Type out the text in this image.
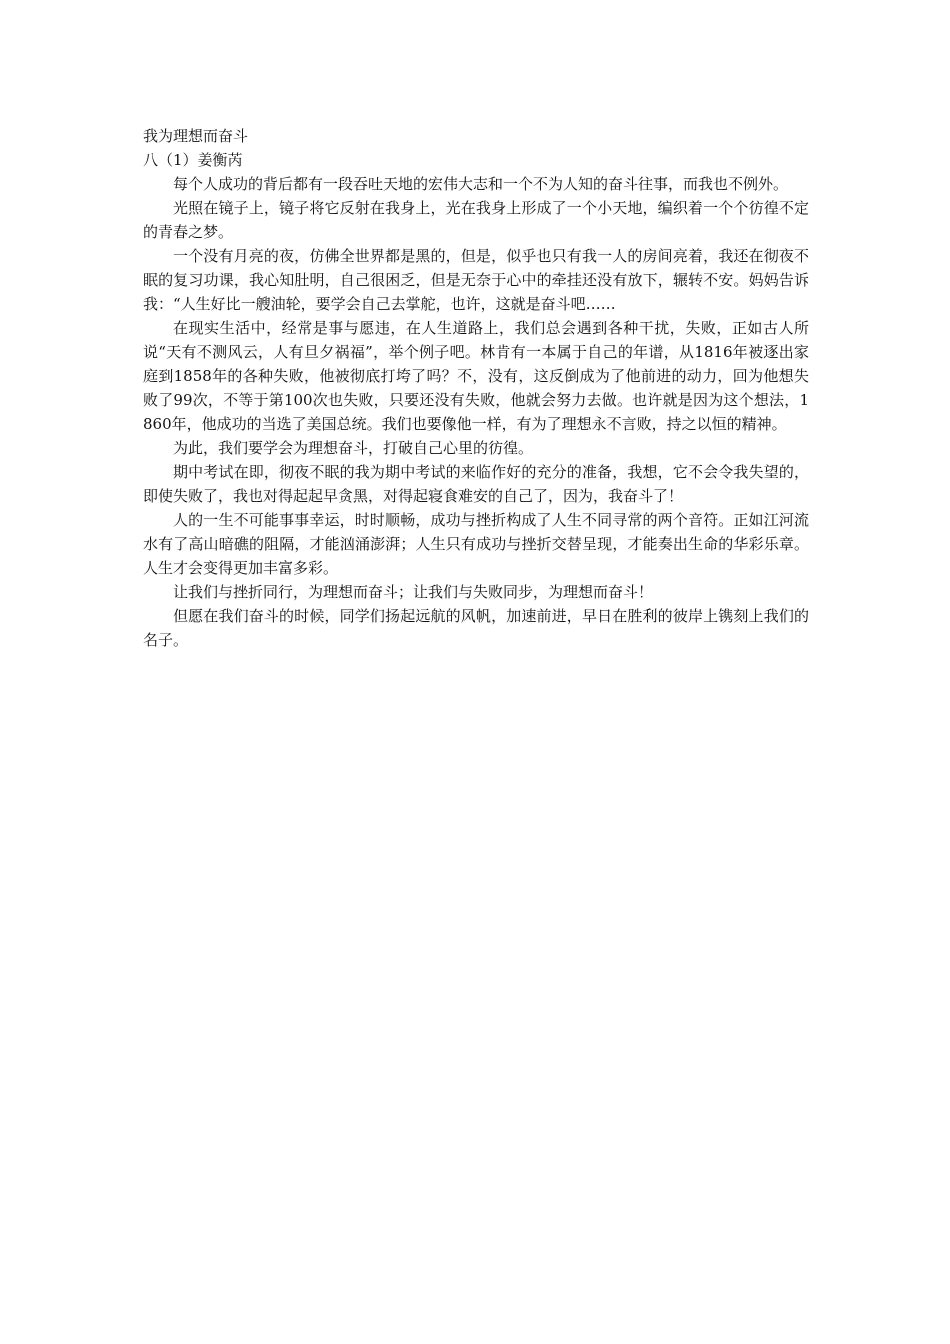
我为理想而奋斗

八（1）姜衡芮

每个人成功的背后都有一段吞吐天地的宏伟大志和一个不为人知的奋斗往事，而我也不例外。

光照在镜子上，镜子将它反射在我身上，光在我身上形成了一个小天地，编织着一个个彷徨不定的青春之梦。

一个没有月亮的夜，仿佛全世界都是黑的，但是，似乎也只有我一人的房间亮着，我还在彻夜不眠的复习功课，我心知肚明，自己很困乏，但是无奈于心中的牵挂还没有放下，辗转不安。妈妈告诉我：“人生好比一艘油轮，要学会自己去掌舵，也许，这就是奋斗吧……

在现实生活中，经常是事与愿违，在人生道路上，我们总会遇到各种干扰，失败，正如古人所说“天有不测风云，人有旦夕祸福”，举个例子吧。林肯有一本属于自己的年谱，从1816年被逐出家庭到1858年的各种失败，他被彻底打垮了吗？不，没有，这反倒成为了他前进的动力，回为他想失败了99次，不等于第100次也失败，只要还没有失败，他就会努力去做。也许就是因为这个想法，1860年，他成功的当选了美国总统。我们也要像他一样，有为了理想永不言败，持之以恒的精神。

为此，我们要学会为理想奋斗，打破自己心里的彷徨。

期中考试在即，彻夜不眠的我为期中考试的来临作好的充分的准备，我想，它不会令我失望的，即使失败了，我也对得起起早贪黑，对得起寝食难安的自己了，因为，我奋斗了！

人的一生不可能事事幸运，时时顺畅，成功与挫折构成了人生不同寻常的两个音符。正如江河流水有了高山暗礁的阻隔，才能汹涌澎湃；人生只有成功与挫折交替呈现，才能奏出生命的华彩乐章。人生才会变得更加丰富多彩。

让我们与挫折同行，为理想而奋斗；让我们与失败同步，为理想而奋斗！

但愿在我们奋斗的时候，同学们扬起远航的风帆，加速前进，早日在胜利的彼岸上镌刻上我们的名子。
